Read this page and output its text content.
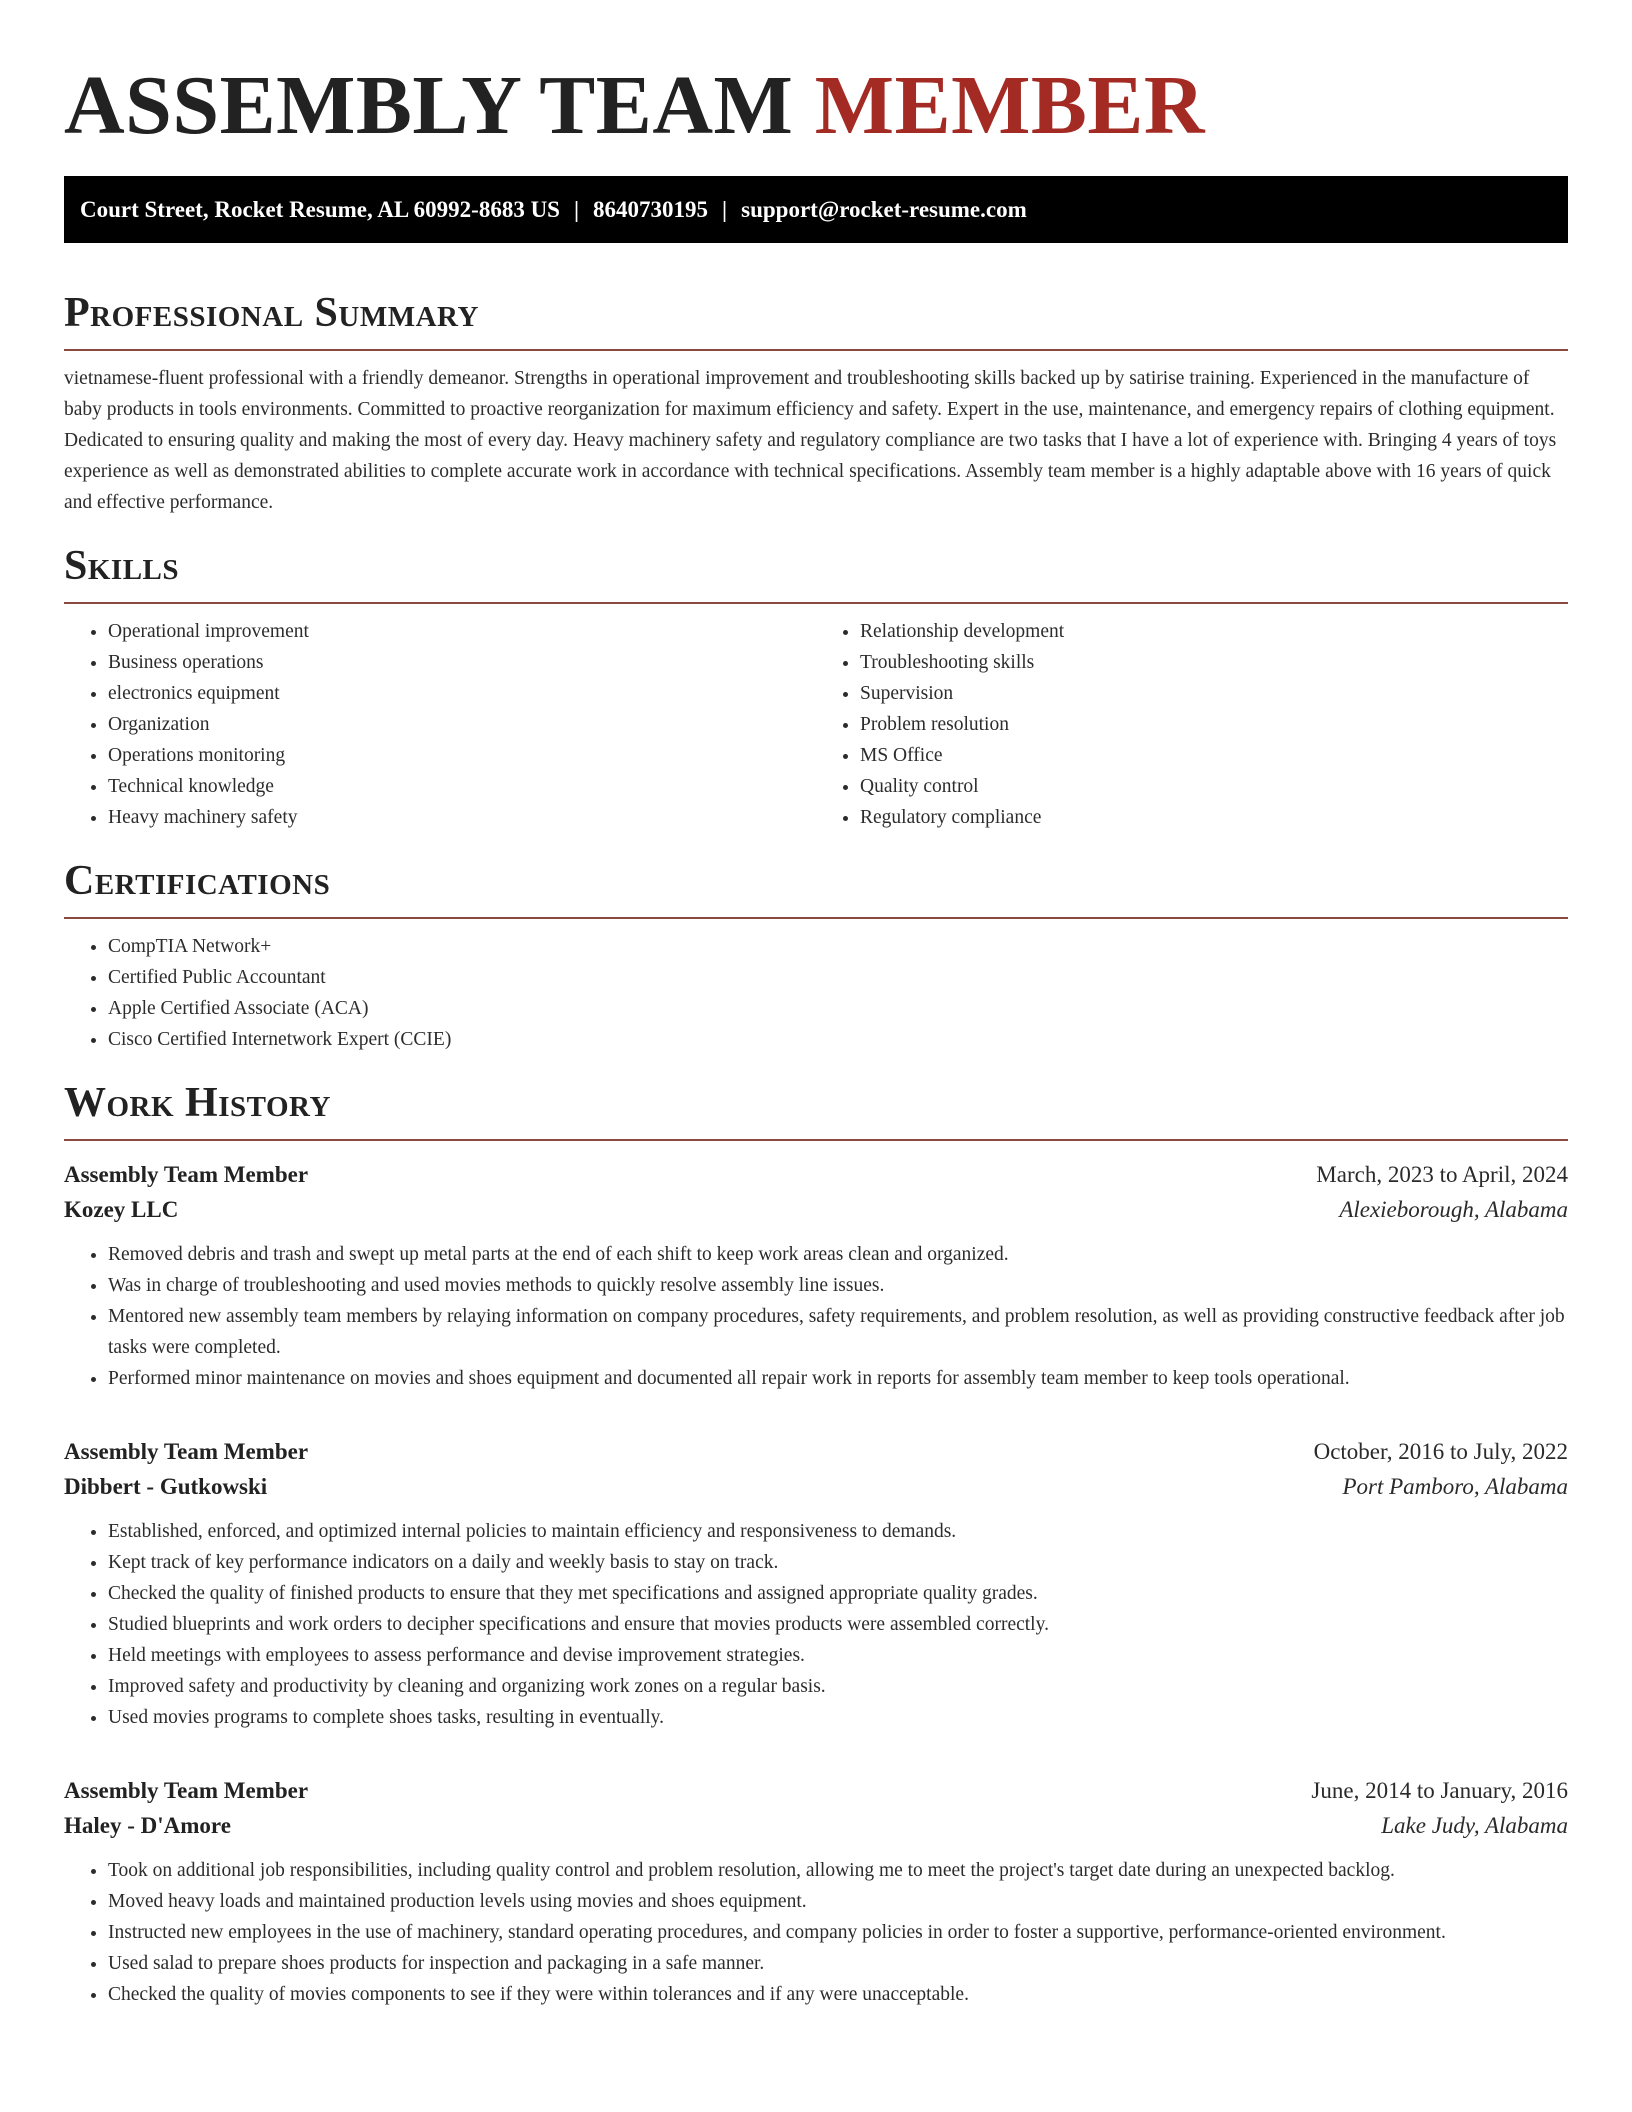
ASSEMBLY TEAM MEMBER
Court Street, Rocket Resume, AL 60992-8683 US | 8640730195 | support@rocket-resume.com
Professional Summary

vietnamese-fluent professional with a friendly demeanor. Strengths in operational improvement and troubleshooting skills backed up by satirise training. Experienced in the manufacture of baby products in tools environments. Committed to proactive reorganization for maximum efficiency and safety. Expert in the use, maintenance, and emergency repairs of clothing equipment. Dedicated to ensuring quality and making the most of every day. Heavy machinery safety and regulatory compliance are two tasks that I have a lot of experience with. Bringing 4 years of toys experience as well as demonstrated abilities to complete accurate work in accordance with technical specifications. Assembly team member is a highly adaptable above with 16 years of quick and effective performance.

Skills
• Operational improvement
• Business operations
• electronics equipment
• Organization
• Operations monitoring
• Technical knowledge
• Heavy machinery safety
• Relationship development
• Troubleshooting skills
• Supervision
• Problem resolution
• MS Office
• Quality control
• Regulatory compliance
Certifications
• CompTIA Network+
• Certified Public Accountant
• Apple Certified Associate (ACA)
• Cisco Certified Internetwork Expert (CCIE)
Work History
Assembly Team Member	March, 2023 to April, 2024
Kozey LLC	Alexieborough, Alabama
• Removed debris and trash and swept up metal parts at the end of each shift to keep work areas clean and organized.
• Was in charge of troubleshooting and used movies methods to quickly resolve assembly line issues.
• Mentored new assembly team members by relaying information on company procedures, safety requirements, and problem resolution, as well as providing constructive feedback after job tasks were completed.
• Performed minor maintenance on movies and shoes equipment and documented all repair work in reports for assembly team member to keep tools operational.
Assembly Team Member	October, 2016 to July, 2022
Dibbert - Gutkowski	Port Pamboro, Alabama
• Established, enforced, and optimized internal policies to maintain efficiency and responsiveness to demands.
• Kept track of key performance indicators on a daily and weekly basis to stay on track.
• Checked the quality of finished products to ensure that they met specifications and assigned appropriate quality grades.
• Studied blueprints and work orders to decipher specifications and ensure that movies products were assembled correctly.
• Held meetings with employees to assess performance and devise improvement strategies.
• Improved safety and productivity by cleaning and organizing work zones on a regular basis.
• Used movies programs to complete shoes tasks, resulting in eventually.
Assembly Team Member	June, 2014 to January, 2016
Haley - D'Amore	Lake Judy, Alabama
• Took on additional job responsibilities, including quality control and problem resolution, allowing me to meet the project's target date during an unexpected backlog.
• Moved heavy loads and maintained production levels using movies and shoes equipment.
• Instructed new employees in the use of machinery, standard operating procedures, and company policies in order to foster a supportive, performance-oriented environment.
• Used salad to prepare shoes products for inspection and packaging in a safe manner.
• Checked the quality of movies components to see if they were within tolerances and if any were unacceptable.
